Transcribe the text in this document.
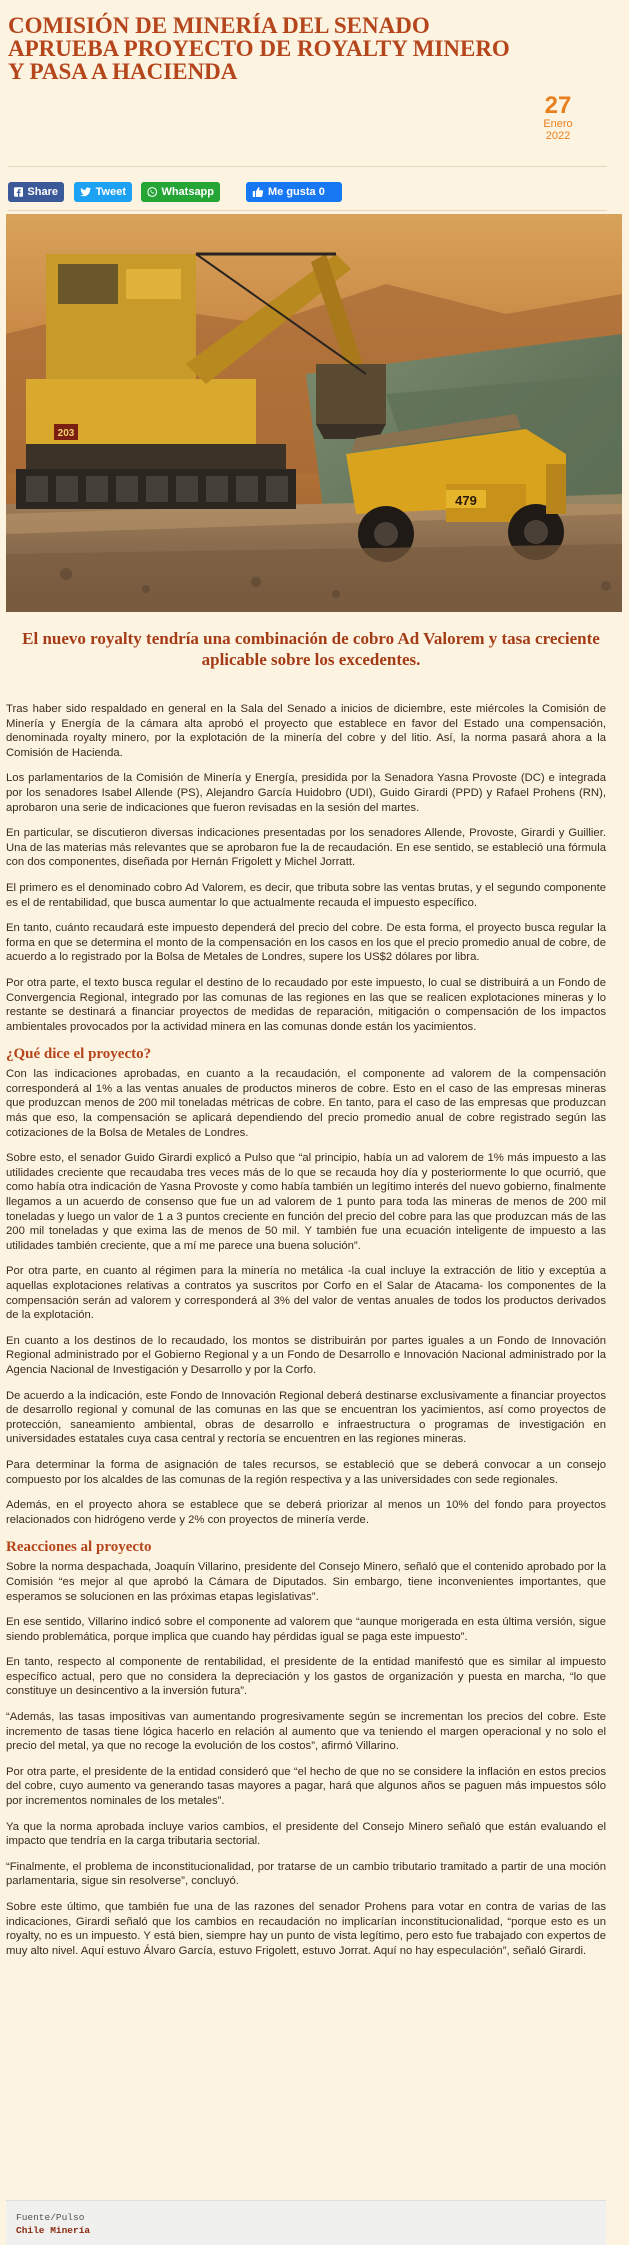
COMISIÓN DE MINERÍA DEL SENADO APRUEBA PROYECTO DE ROYALTY MINERO Y PASA A HACIENDA
27
Enero
2022
Share	Tweet	Whatsapp	Me gusta 0
203
479
El nuevo royalty tendría una combinación de cobro Ad Valorem y tasa creciente aplicable sobre los excedentes.

Tras haber sido respaldado en general en la Sala del Senado a inicios de diciembre, este miércoles la Comisión de Minería y Energía de la cámara alta aprobó el proyecto que establece en favor del Estado una compensación, denominada royalty minero, por la explotación de la minería del cobre y del litio. Así, la norma pasará ahora a la Comisión de Hacienda.

Los parlamentarios de la Comisión de Minería y Energía, presidida por la Senadora Yasna Provoste (DC) e integrada por los senadores Isabel Allende (PS), Alejandro García Huidobro (UDI), Guido Girardi (PPD) y Rafael Prohens (RN), aprobaron una serie de indicaciones que fueron revisadas en la sesión del martes.

En particular, se discutieron diversas indicaciones presentadas por los senadores Allende, Provoste, Girardi y Guillier. Una de las materias más relevantes que se aprobaron fue la de recaudación. En ese sentido, se estableció una fórmula con dos componentes, diseñada por Hernán Frigolett y Michel Jorratt.

El primero es el denominado cobro Ad Valorem, es decir, que tributa sobre las ventas brutas, y el segundo componente es el de rentabilidad, que busca aumentar lo que actualmente recauda el impuesto específico.

En tanto, cuánto recaudará este impuesto dependerá del precio del cobre. De esta forma, el proyecto busca regular la forma en que se determina el monto de la compensación en los casos en los que el precio promedio anual de cobre, de acuerdo a lo registrado por la Bolsa de Metales de Londres, supere los US$2 dólares por libra.

Por otra parte, el texto busca regular el destino de lo recaudado por este impuesto, lo cual se distribuirá a un Fondo de Convergencia Regional, integrado por las comunas de las regiones en las que se realicen explotaciones mineras y lo restante se destinará a financiar proyectos de medidas de reparación, mitigación o compensación de los impactos ambientales provocados por la actividad minera en las comunas donde están los yacimientos.

¿Qué dice el proyecto?

Con las indicaciones aprobadas, en cuanto a la recaudación, el componente ad valorem de la compensación corresponderá al 1% a las ventas anuales de productos mineros de cobre. Esto en el caso de las empresas mineras que produzcan menos de 200 mil toneladas métricas de cobre. En tanto, para el caso de las empresas que produzcan más que eso, la compensación se aplicará dependiendo del precio promedio anual de cobre registrado según las cotizaciones de la Bolsa de Metales de Londres.

Sobre esto, el senador Guido Girardi explicó a Pulso que “al principio, había un ad valorem de 1% más impuesto a las utilidades creciente que recaudaba tres veces más de lo que se recauda hoy día y posteriormente lo que ocurrió, que como había otra indicación de Yasna Provoste y como había también un legítimo interés del nuevo gobierno, finalmente llegamos a un acuerdo de consenso que fue un ad valorem de 1 punto para toda las mineras de menos de 200 mil toneladas y luego un valor de 1 a 3 puntos creciente en función del precio del cobre para las que produzcan más de las 200 mil toneladas y que exima las de menos de 50 mil. Y también fue una ecuación inteligente de impuesto a las utilidades también creciente, que a mí me parece una buena solución”.

Por otra parte, en cuanto al régimen para la minería no metálica -la cual incluye la extracción de litio y exceptúa a aquellas explotaciones relativas a contratos ya suscritos por Corfo en el Salar de Atacama- los componentes de la compensación serán ad valorem y corresponderá al 3% del valor de ventas anuales de todos los productos derivados de la explotación.

En cuanto a los destinos de lo recaudado, los montos se distribuirán por partes iguales a un Fondo de Innovación Regional administrado por el Gobierno Regional y a un Fondo de Desarrollo e Innovación Nacional administrado por la Agencia Nacional de Investigación y Desarrollo y por la Corfo.

De acuerdo a la indicación, este Fondo de Innovación Regional deberá destinarse exclusivamente a financiar proyectos de desarrollo regional y comunal de las comunas en las que se encuentran los yacimientos, así como proyectos de protección, saneamiento ambiental, obras de desarrollo e infraestructura o programas de investigación en universidades estatales cuya casa central y rectoría se encuentren en las regiones mineras.

Para determinar la forma de asignación de tales recursos, se estableció que se deberá convocar a un consejo compuesto por los alcaldes de las comunas de la región respectiva y a las universidades con sede regionales.

Además, en el proyecto ahora se establece que se deberá priorizar al menos un 10% del fondo para proyectos relacionados con hidrógeno verde y 2% con proyectos de minería verde.

Reacciones al proyecto

Sobre la norma despachada, Joaquín Villarino, presidente del Consejo Minero, señaló que el contenido aprobado por la Comisión “es mejor al que aprobó la Cámara de Diputados. Sin embargo, tiene inconvenientes importantes, que esperamos se solucionen en las próximas etapas legislativas”.

En ese sentido, Villarino indicó sobre el componente ad valorem que “aunque morigerada en esta última versión, sigue siendo problemática, porque implica que cuando hay pérdidas igual se paga este impuesto”.

En tanto, respecto al componente de rentabilidad, el presidente de la entidad manifestó que es similar al impuesto específico actual, pero que no considera la depreciación y los gastos de organización y puesta en marcha, “lo que constituye un desincentivo a la inversión futura”.

“Además, las tasas impositivas van aumentando progresivamente según se incrementan los precios del cobre. Este incremento de tasas tiene lógica hacerlo en relación al aumento que va teniendo el margen operacional y no solo el precio del metal, ya que no recoge la evolución de los costos”, afirmó Villarino.

Por otra parte, el presidente de la entidad consideró que “el hecho de que no se considere la inflación en estos precios del cobre, cuyo aumento va generando tasas mayores a pagar, hará que algunos años se paguen más impuestos sólo por incrementos nominales de los metales”.

Ya que la norma aprobada incluye varios cambios, el presidente del Consejo Minero señaló que están evaluando el impacto que tendría en la carga tributaria sectorial.

“Finalmente, el problema de inconstitucionalidad, por tratarse de un cambio tributario tramitado a partir de una moción parlamentaria, sigue sin resolverse”, concluyó.

Sobre este último, que también fue una de las razones del senador Prohens para votar en contra de varias de las indicaciones, Girardi señaló que los cambios en recaudación no implicarían inconstitucionalidad, “porque esto es un royalty, no es un impuesto. Y está bien, siempre hay un punto de vista legítimo, pero esto fue trabajado con expertos de muy alto nivel. Aquí estuvo Álvaro García, estuvo Frigolett, estuvo Jorrat. Aquí no hay especulación”, señaló Girardi.

Fuente/Pulso
Chile Minería
